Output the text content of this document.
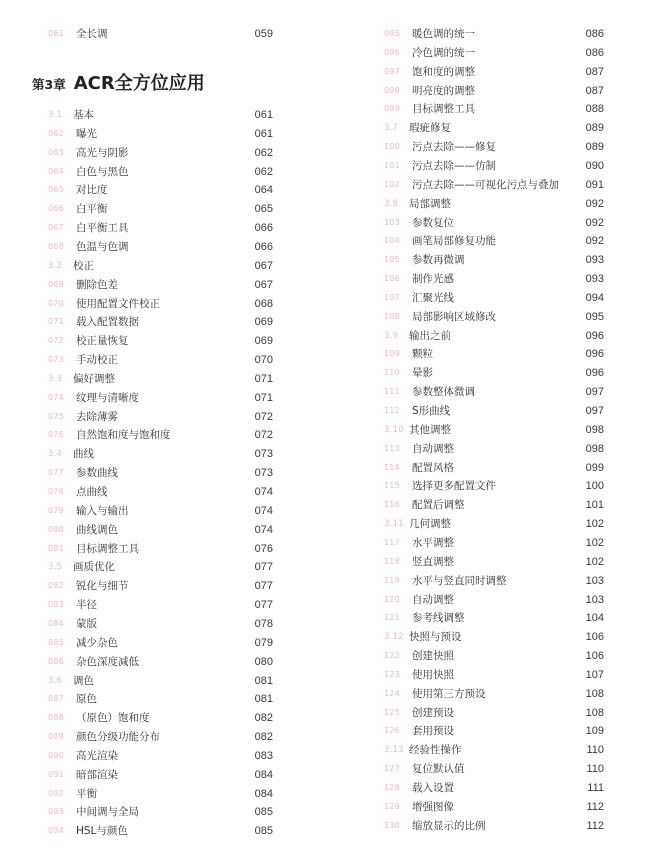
第3章 ACR全方位应用
061 全长调	059
3.1 基本	061
062 曝光	061
063 高光与阴影	062
064 白色与黑色	062
065 对比度	064
066 白平衡	065
067 白平衡工具	066
068 色温与色调	066
3.2 校正	067
069 删除色差	067
070 使用配置文件校正	068
071 载入配置数据	069
072 校正量恢复	069
073 手动校正	070
3.3 偏好调整	071
074 纹理与清晰度	071
075 去除薄雾	072
076 自然饱和度与饱和度	072
3.4 曲线	073
077 参数曲线	073
078 点曲线	074
079 输入与输出	074
080 曲线调色	074
081 目标调整工具	076
3.5 画质优化	077
082 锐化与细节	077
083 半径	077
084 蒙版	078
085 减少杂色	079
086 杂色深度减低	080
3.6 调色	081
087 原色	081
088 （原色）饱和度	082
089 颜色分级功能分布	082
090 高光渲染	083
091 暗部渲染	084
092 平衡	084
093 中间调与全局	085
094 HSL与颜色	085
095 暖色调的统一	086
096 冷色调的统一	086
097 饱和度的调整	087
098 明亮度的调整	087
099 目标调整工具	088
3.7 瑕疵修复	089
100 污点去除——修复	089
101 污点去除——仿制	090
102 污点去除——可视化污点与叠加 091
3.8 局部调整	092
103 参数复位	092
104 画笔局部修复功能	092
105 参数再微调	093
106 制作光感	093
107 汇聚光线	094
108 局部影响区域修改	095
3.9 输出之前	096
109 颗粒	096
110 晕影	096
111 参数整体微调	097
112 S形曲线	097
3.10 其他调整	098
113 自动调整	098
114 配置风格	099
115 选择更多配置文件	100
116 配置后调整	101
3.11 几何调整	102
117 水平调整	102
118 竖直调整	102
119 水平与竖直同时调整	103
120 自动调整	103
121 参考线调整	104
3.12 快照与预设	106
122 创建快照	106
123 使用快照	107
124 使用第三方预设	108
125 创建预设	108
126 套用预设	109
3.13 经验性操作	110
127 复位默认值	110
128 载入设置	111
129 增强图像	112
130 缩放显示的比例	112
